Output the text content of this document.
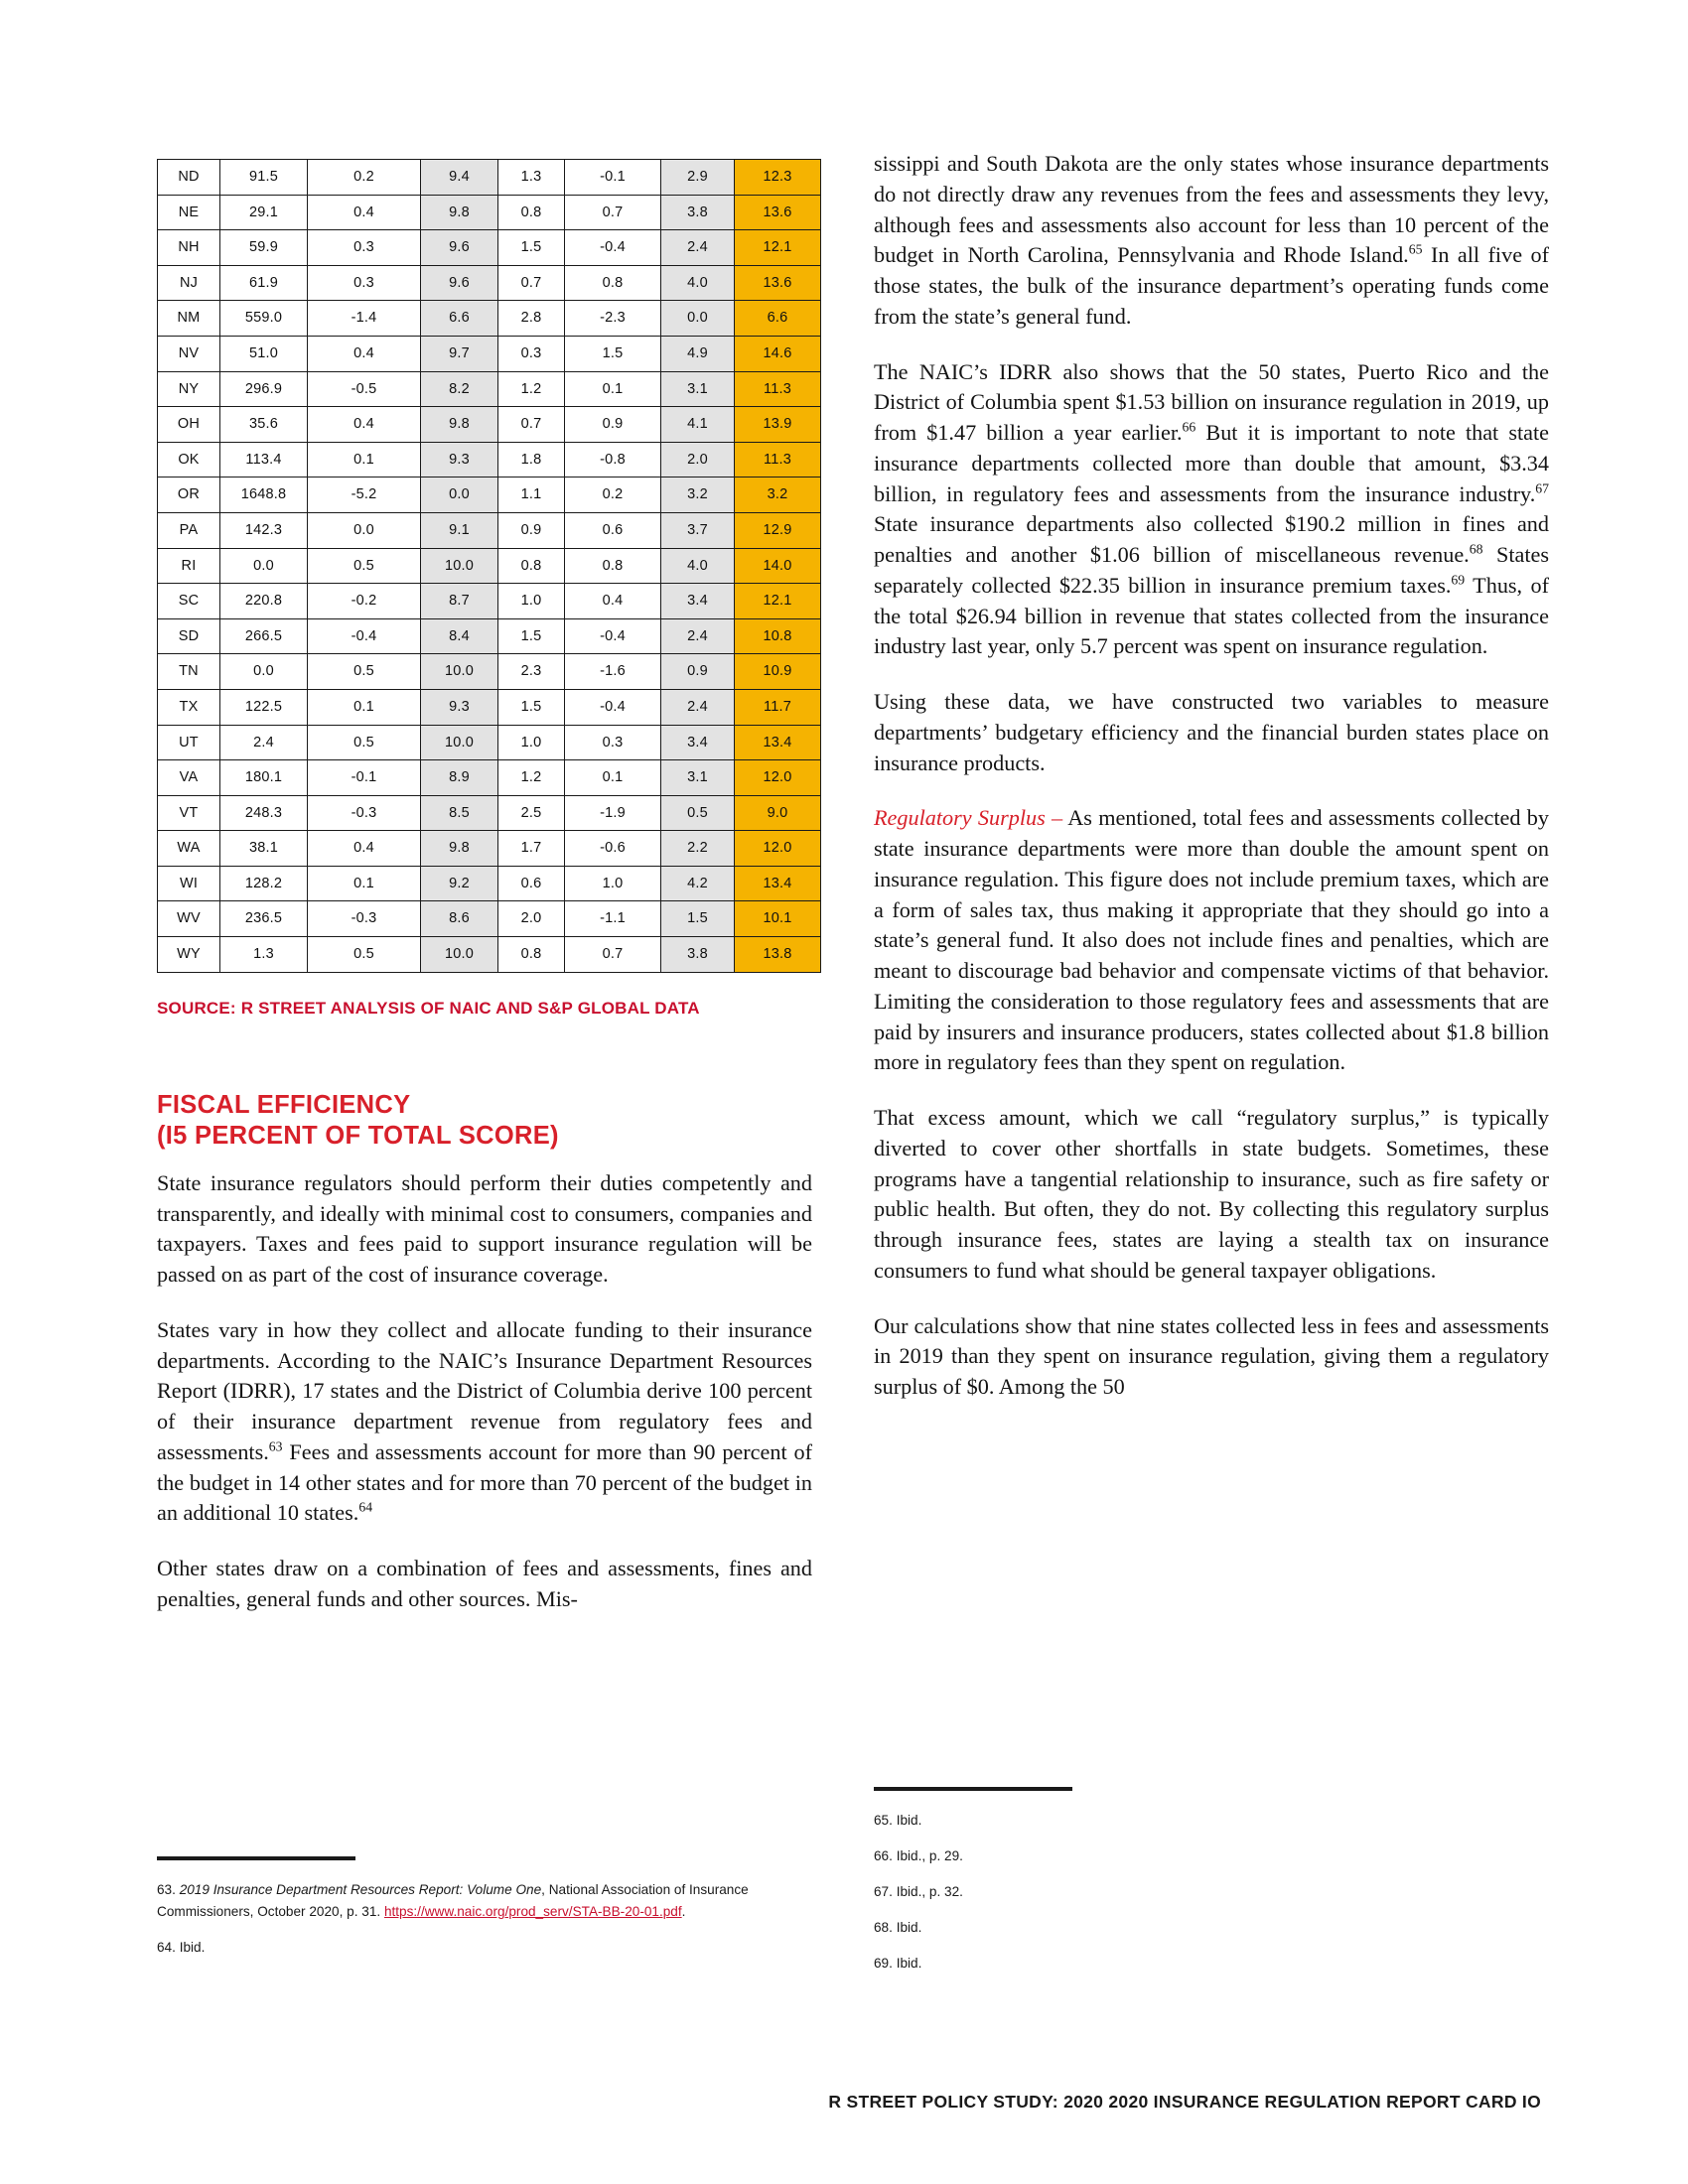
ND	91.5	0.2	9.4	1.3	-0.1	2.9	12.3
NE	29.1	0.4	9.8	0.8	0.7	3.8	13.6
NH	59.9	0.3	9.6	1.5	-0.4	2.4	12.1
NJ	61.9	0.3	9.6	0.7	0.8	4.0	13.6
NM	559.0	-1.4	6.6	2.8	-2.3	0.0	6.6
NV	51.0	0.4	9.7	0.3	1.5	4.9	14.6
NY	296.9	-0.5	8.2	1.2	0.1	3.1	11.3
OH	35.6	0.4	9.8	0.7	0.9	4.1	13.9
OK	113.4	0.1	9.3	1.8	-0.8	2.0	11.3
OR	1648.8	-5.2	0.0	1.1	0.2	3.2	3.2
PA	142.3	0.0	9.1	0.9	0.6	3.7	12.9
RI	0.0	0.5	10.0	0.8	0.8	4.0	14.0
SC	220.8	-0.2	8.7	1.0	0.4	3.4	12.1
SD	266.5	-0.4	8.4	1.5	-0.4	2.4	10.8
TN	0.0	0.5	10.0	2.3	-1.6	0.9	10.9
TX	122.5	0.1	9.3	1.5	-0.4	2.4	11.7
UT	2.4	0.5	10.0	1.0	0.3	3.4	13.4
VA	180.1	-0.1	8.9	1.2	0.1	3.1	12.0
VT	248.3	-0.3	8.5	2.5	-1.9	0.5	9.0
WA	38.1	0.4	9.8	1.7	-0.6	2.2	12.0
WI	128.2	0.1	9.2	0.6	1.0	4.2	13.4
WV	236.5	-0.3	8.6	2.0	-1.1	1.5	10.1
WY	1.3	0.5	10.0	0.8	0.7	3.8	13.8
SOURCE: R STREET ANALYSIS OF NAIC AND S&P GLOBAL DATA
FISCAL EFFICIENCY
(I5 PERCENT OF TOTAL SCORE)

State insurance regulators should perform their duties competently and transparently, and ideally with minimal cost to consumers, companies and taxpayers. Taxes and fees paid to support insurance regulation will be passed on as part of the cost of insurance coverage.

States vary in how they collect and allocate funding to their insurance departments. According to the NAIC’s Insurance Department Resources Report (IDRR), 17 states and the District of Columbia derive 100 percent of their insurance department revenue from regulatory fees and assessments.$^{63}$ Fees and assessments account for more than 90 percent of the budget in 14 other states and for more than 70 percent of the budget in an additional 10 states.$^{64}$

Other states draw on a combination of fees and assessments, fines and penalties, general funds and other sources. Mis-

sissippi and South Dakota are the only states whose insurance departments do not directly draw any revenues from the fees and assessments they levy, although fees and assessments also account for less than 10 percent of the budget in North Carolina, Pennsylvania and Rhode Island.$^{65}$ In all five of those states, the bulk of the insurance department’s operating funds come from the state’s general fund.

The NAIC’s IDRR also shows that the 50 states, Puerto Rico and the District of Columbia spent $1.53 billion on insurance regulation in 2019, up from $1.47 billion a year earlier.$^{66}$ But it is important to note that state insurance departments collected more than double that amount, $3.34 billion, in regulatory fees and assessments from the insurance industry.$^{67}$ State insurance departments also collected $190.2 million in fines and penalties and another $1.06 billion of miscellaneous revenue.$^{68}$ States separately collected $22.35 billion in insurance premium taxes.$^{69}$ Thus, of the total $26.94 billion in revenue that states collected from the insurance industry last year, only 5.7 percent was spent on insurance regulation.

Using these data, we have constructed two variables to measure departments’ budgetary efficiency and the financial burden states place on insurance products.

Regulatory Surplus – As mentioned, total fees and assessments collected by state insurance departments were more than double the amount spent on insurance regulation. This figure does not include premium taxes, which are a form of sales tax, thus making it appropriate that they should go into a state’s general fund. It also does not include fines and penalties, which are meant to discourage bad behavior and compensate victims of that behavior. Limiting the consideration to those regulatory fees and assessments that are paid by insurers and insurance producers, states collected about $1.8 billion more in regulatory fees than they spent on regulation.

That excess amount, which we call “regulatory surplus,” is typically diverted to cover other shortfalls in state budgets. Sometimes, these programs have a tangential relationship to insurance, such as fire safety or public health. But often, they do not. By collecting this regulatory surplus through insurance fees, states are laying a stealth tax on insurance consumers to fund what should be general taxpayer obligations.

Our calculations show that nine states collected less in fees and assessments in 2019 than they spent on insurance regulation, giving them a regulatory surplus of $0. Among the 50

63. 2019 Insurance Department Resources Report: Volume One, National Association of Insurance Commissioners, October 2020, p. 31. https://www.naic.org/prod_serv/STA-BB-20-01.pdf.
64. Ibid.
65. Ibid.
66. Ibid., p. 29.
67. Ibid., p. 32.
68. Ibid.
69. Ibid.
R STREET POLICY STUDY: 2020 2020 INSURANCE REGULATION REPORT CARD IO
